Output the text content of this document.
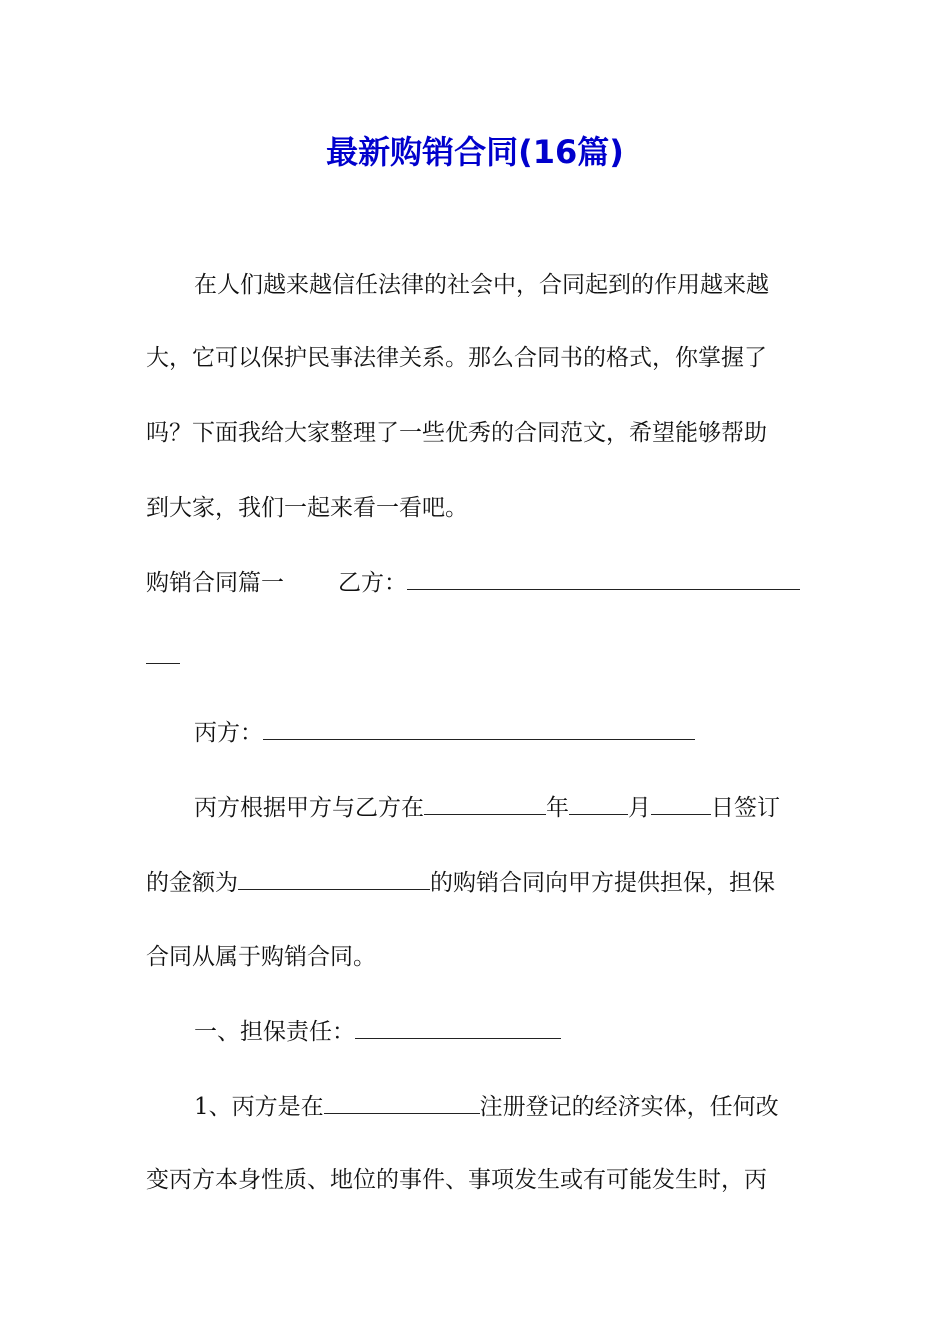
最新购销合同(16篇)

在人们越来越信任法律的社会中，合同起到的作用越来越

大，它可以保护民事法律关系。那么合同书的格式，你掌握了

吗？下面我给大家整理了一些优秀的合同范文，希望能够帮助

到大家，我们一起来看一看吧。

购销合同篇一 乙方：

丙方：

丙方根据甲方与乙方在	年	月	日签订

的金额为	的购销合同向甲方提供担保，担保

合同从属于购销合同。

一、担保责任：

1、丙方是在	注册登记的经济实体，任何改

变丙方本身性质、地位的事件、事项发生或有可能发生时，丙
